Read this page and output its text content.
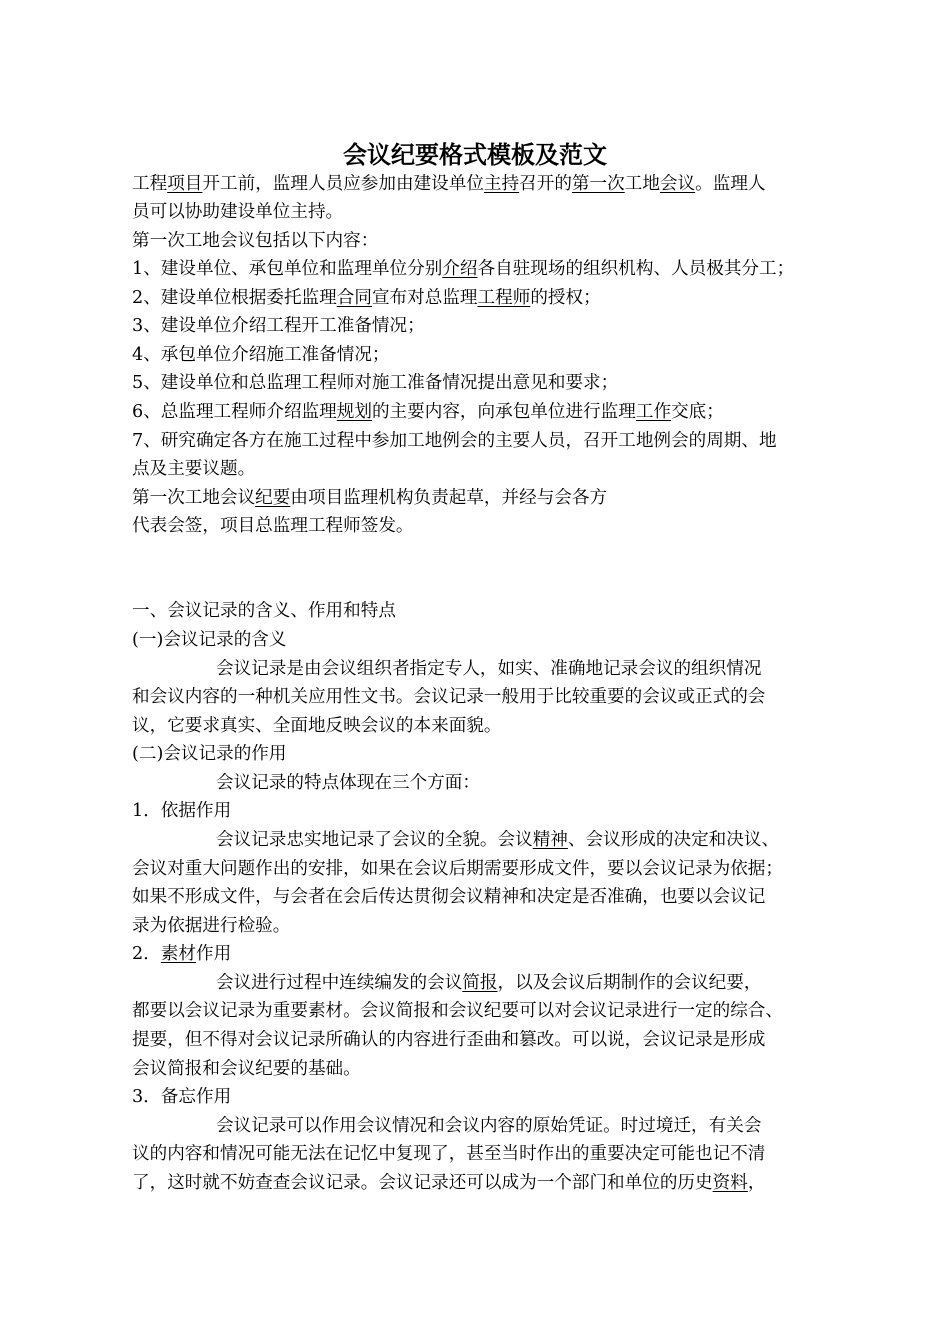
会议纪要格式模板及范文
工程项目开工前，监理人员应参加由建设单位主持召开的第一次工地会议。监理人
员可以协助建设单位主持。
第一次工地会议包括以下内容：
1、建设单位、承包单位和监理单位分别介绍各自驻现场的组织机构、人员极其分工；
2、建设单位根据委托监理合同宣布对总监理工程师的授权；
3、建设单位介绍工程开工准备情况；
4、承包单位介绍施工准备情况；
5、建设单位和总监理工程师对施工准备情况提出意见和要求；
6、总监理工程师介绍监理规划的主要内容，向承包单位进行监理工作交底；
7、研究确定各方在施工过程中参加工地例会的主要人员，召开工地例会的周期、地
点及主要议题。
第一次工地会议纪要由项目监理机构负责起草，并经与会各方
代表会签，项目总监理工程师签发。
一、会议记录的含义、作用和特点
(一)会议记录的含义
会议记录是由会议组织者指定专人，如实、准确地记录会议的组织情况
和会议内容的一种机关应用性文书。会议记录一般用于比较重要的会议或正式的会
议，它要求真实、全面地反映会议的本来面貌。
(二)会议记录的作用
会议记录的特点体现在三个方面：
1．依据作用
会议记录忠实地记录了会议的全貌。会议精神、会议形成的决定和决议、
会议对重大问题作出的安排，如果在会议后期需要形成文件，要以会议记录为依据；
如果不形成文件，与会者在会后传达贯彻会议精神和决定是否准确，也要以会议记
录为依据进行检验。
2．素材作用
会议进行过程中连续编发的会议简报，以及会议后期制作的会议纪要，
都要以会议记录为重要素材。会议简报和会议纪要可以对会议记录进行一定的综合、
提要，但不得对会议记录所确认的内容进行歪曲和篡改。可以说，会议记录是形成
会议简报和会议纪要的基础。
3．备忘作用
会议记录可以作用会议情况和会议内容的原始凭证。时过境迁，有关会
议的内容和情况可能无法在记忆中复现了，甚至当时作出的重要决定可能也记不清
了，这时就不妨查查会议记录。会议记录还可以成为一个部门和单位的历史资料，
